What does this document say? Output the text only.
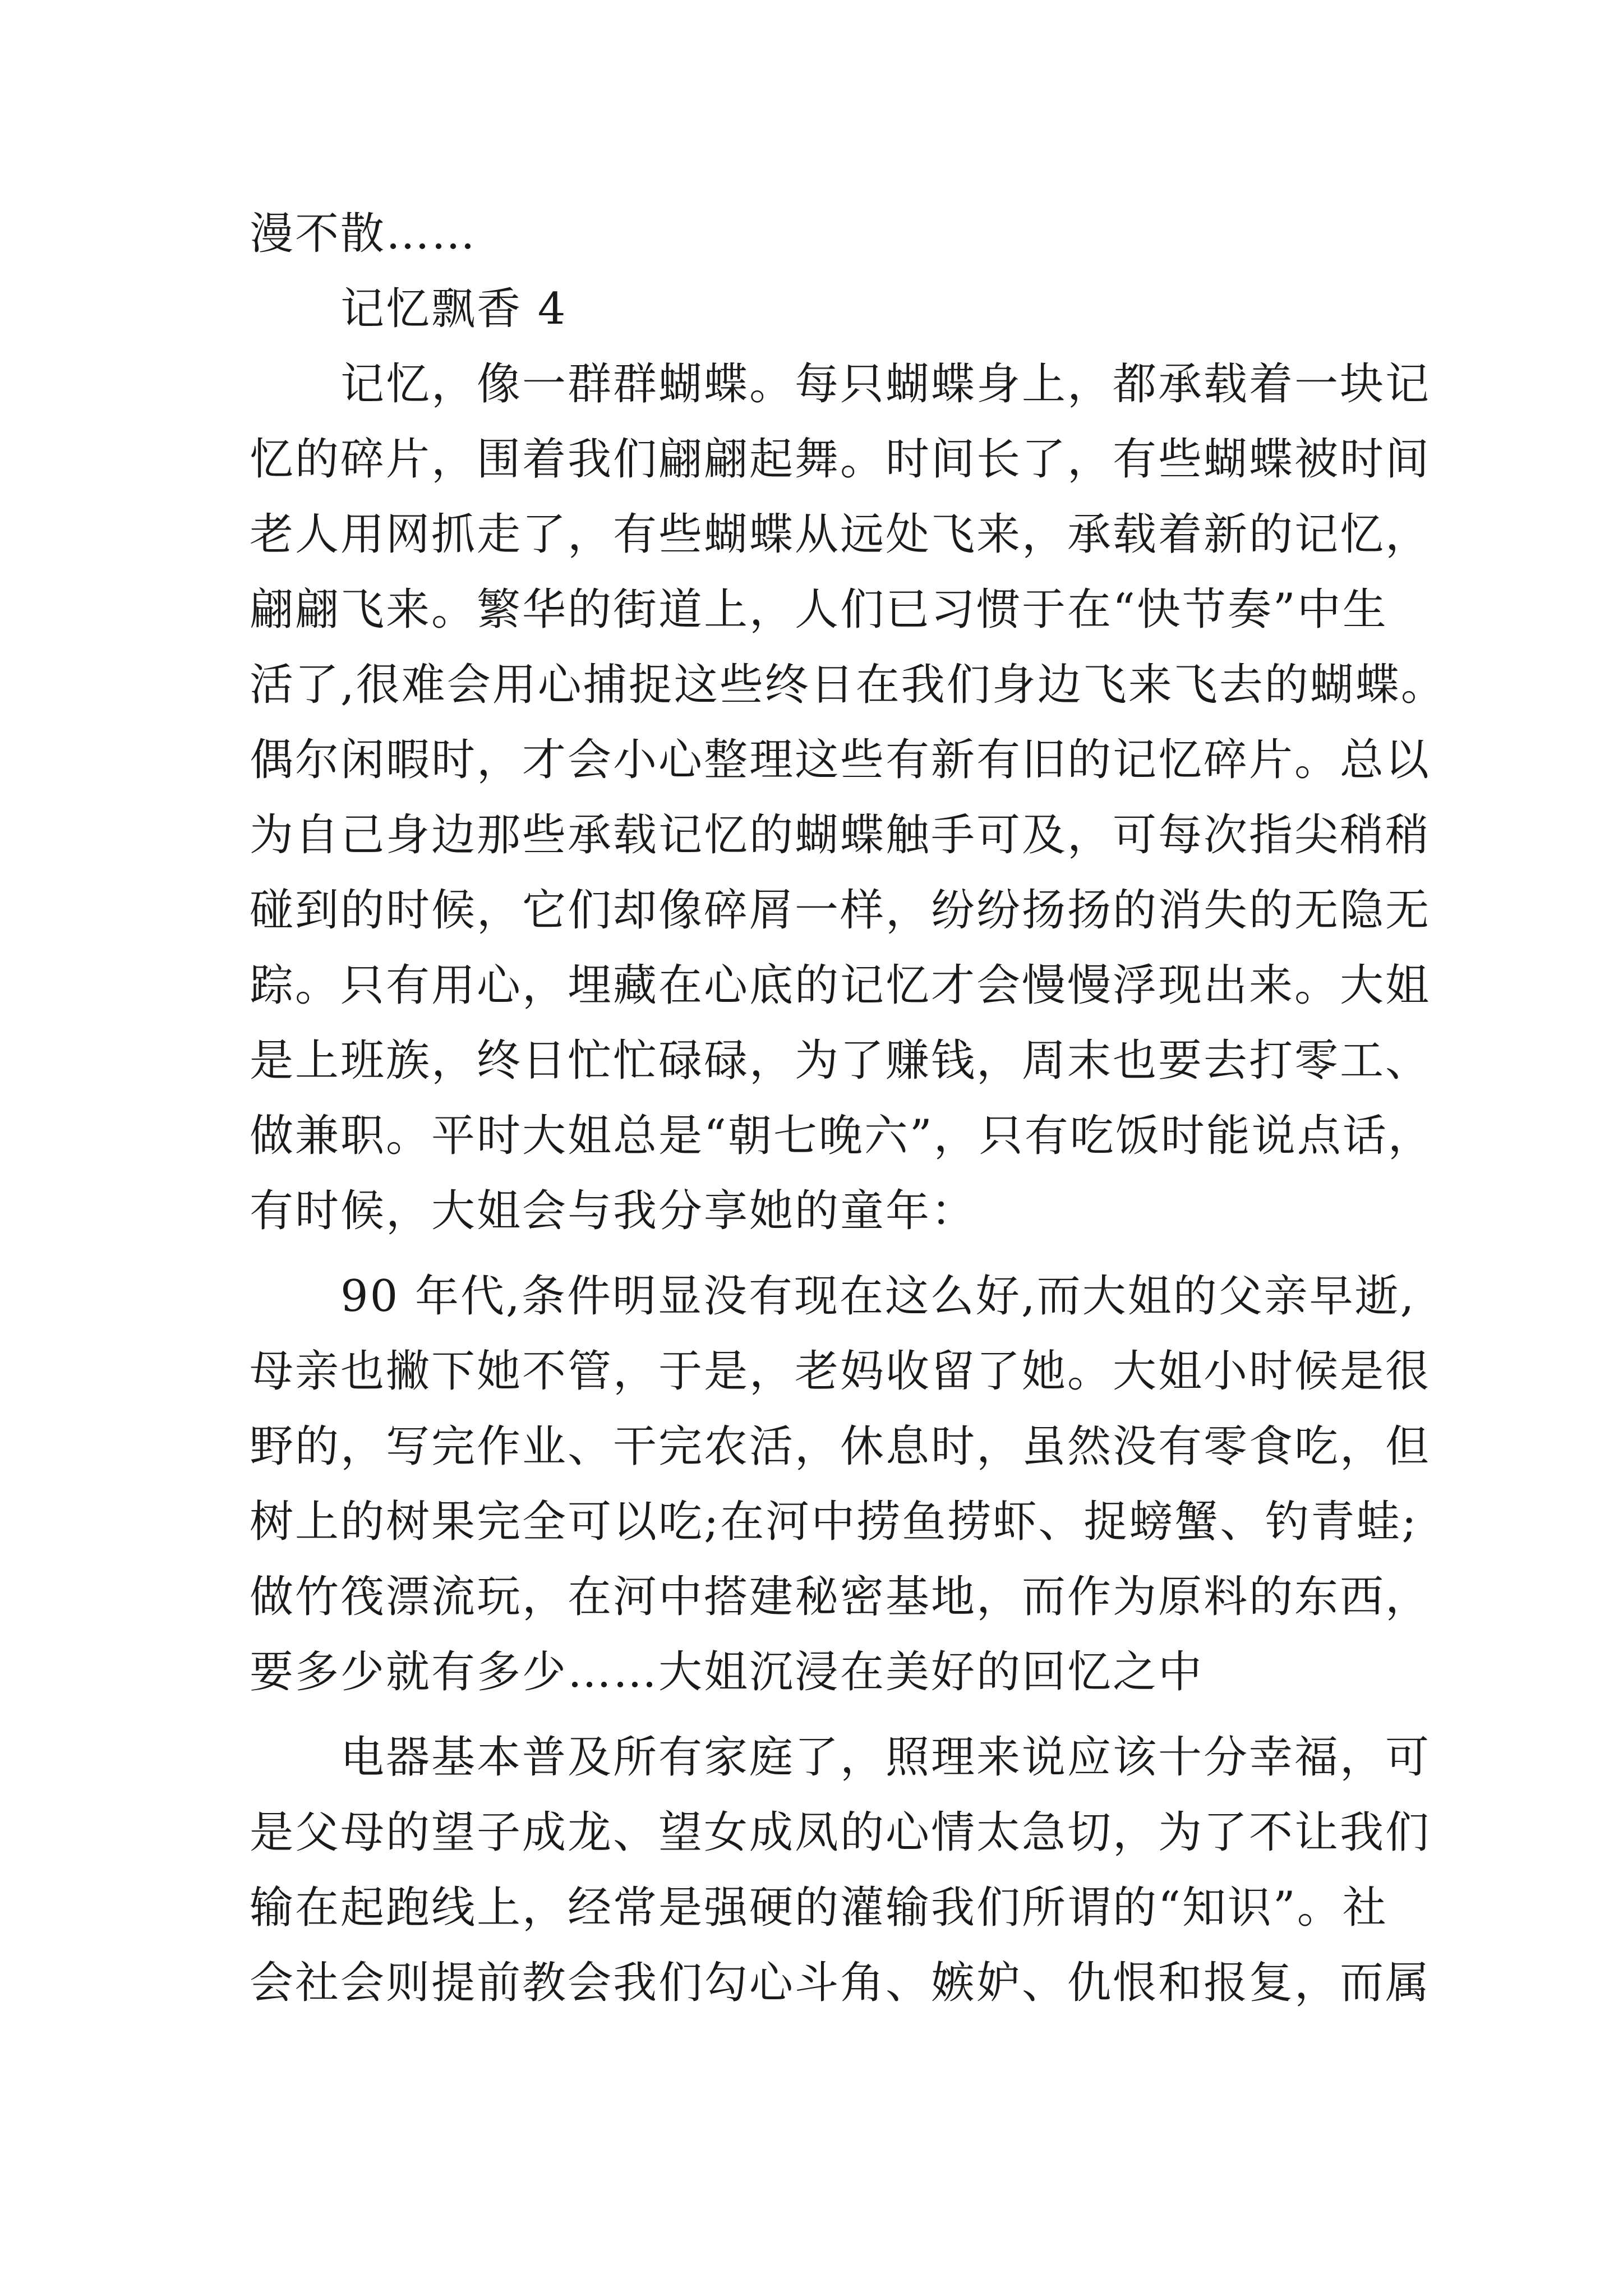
漫不散……
　　记忆飘香 4
　　记忆，像一群群蝴蝶。每只蝴蝶身上，都承载着一块记
忆的碎片，围着我们翩翩起舞。时间长了，有些蝴蝶被时间
老人用网抓走了，有些蝴蝶从远处飞来，承载着新的记忆，
翩翩飞来。繁华的街道上，人们已习惯于在“快节奏”中生
活了,很难会用心捕捉这些终日在我们身边飞来飞去的蝴蝶。
偶尔闲暇时，才会小心整理这些有新有旧的记忆碎片。总以
为自己身边那些承载记忆的蝴蝶触手可及，可每次指尖稍稍
碰到的时候，它们却像碎屑一样，纷纷扬扬的消失的无隐无
踪。只有用心，埋藏在心底的记忆才会慢慢浮现出来。大姐
是上班族，终日忙忙碌碌，为了赚钱，周末也要去打零工、
做兼职。平时大姐总是“朝七晚六”，只有吃饭时能说点话，
有时候，大姐会与我分享她的童年：
　　90 年代,条件明显没有现在这么好,而大姐的父亲早逝,
母亲也撇下她不管，于是，老妈收留了她。大姐小时候是很
野的，写完作业、干完农活，休息时，虽然没有零食吃，但
树上的树果完全可以吃;在河中捞鱼捞虾、捉螃蟹、钓青蛙;
做竹筏漂流玩，在河中搭建秘密基地，而作为原料的东西，
要多少就有多少……大姐沉浸在美好的回忆之中
　　电器基本普及所有家庭了，照理来说应该十分幸福，可
是父母的望子成龙、望女成凤的心情太急切，为了不让我们
输在起跑线上，经常是强硬的灌输我们所谓的“知识”。社
会社会则提前教会我们勾心斗角、嫉妒、仇恨和报复，而属
